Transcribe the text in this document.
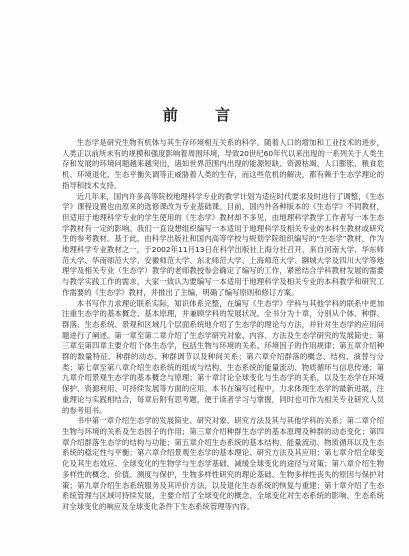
前 言

生态学是研究生物有机体与其生存环境相互关系的科学。随着人口的增加和工业技术的进步，人类正以前所未有的规模和强度影响着周围环境，导致20世纪60年代以来出现的一系列关于人类生存和发展的环境问题越来越突出，诸如世界范围内出现的能源短缺、资源枯竭、人口膨胀、粮食危机、环境退化、生态平衡失调等正威胁着人类的生存，而这些危机的解决，都有赖于生态学理论的指导和技术支持。

近几年来，国内许多高等院校地理科学专业的教学计划为适应时代要求及时进行了调整，《生态学》课程设置也由原来的选修课改为专业基础课。目前，国内外各种版本的《生态学》不同教材，但适用于地理科学专业的学生使用的《生态学》教材却不多见，由地理科学教学工作者写一本生态学教材有一定的影响。我们一直设想组织编写一本适用于地理科学及相关专业的本科生教材或研究生的参考教材。基于此，由科学出版社和国内高等学校与规划学院组织编写的“生态学”教材，作为地理科学专业教材之一，于2002年11月13日在科学出版社上海分社召开，来自河南大学、华东师范大学、华南师范大学、安徽师范大学、东北师范大学、上海师范大学、聊城大学及四川大学等地理学及相关专业（生态学）教学的老师教授参会确定了编写的工作，紧密结合学科教材发展的需要与教学实践工作的需求，大家一致认为要编写一本适用于地理科学及相关专业的本科教学和研究工作需要的《生态学》教材，并推出了主编，明确了编写原则和修订方案。

本书写作力求理论联系实际，知识体系完整，在编写《生态学》学科与其他学科的联系中更加注重生态学的基本概念、基本原理，并兼顾学科的发展状况。全书分为十章，分别从个体、种群、群落、生态系统、景观和区域几个层面系统地介绍了生态学的理论与方法，并针对生态学的应用问题进行了阐述。第一章至第二章介绍了生态学研究对象、内容、方法及生态学研究的发展简史；第三章至第四章主要介绍个体生态学，包括生物与环境的关系、环境因子的作用规律；第五章介绍种群的数量特征、种群的动态、种群调节以及种间关系；第六章介绍群落的概念、结构、演替与分类；第七章至第八章介绍生态系统的组成与结构、生态系统的能量流动、物质循环与信息传递；第九章介绍景观生态学的基本概念与原理；第十章讨论全球变化与生态学的关系，以及生态学在环境保护、资源利用、可持续发展等方面的应用。本书在编写过程中，力求体现生态学的最新进展，注重理论与实践相结合，每章后附有思考题，便于读者学习与掌握，同时也可作为相关专业研究人员的参考用书。

书中第一章介绍生态学的发展简史、研究对象、研究方法及其与其他学科的关系；第二章介绍生物与环境的关系及生态因子的作用；第三章介绍种群生态学的基本原理及种群的动态变化；第四章介绍群落生态学的结构与功能；第五章介绍生态系统的基本结构、能量流动、物质循环以及生态系统的稳定性与平衡；第六章介绍景观生态学的基本理论、研究方法及其应用；第七章介绍全球变化及其生态效应、全球变化的生物学与生态学基础、减缓全球变化的途径与对策；第八章介绍生物多样性的概念、价值、测度与保护，生物多样性研究的理论基础、生物多样性丧失的原因与保护对策；第九章介绍生态系统服务及其评价方法，以及退化生态系统的恢复与重建；第十章介绍了生态系统管理与区域可持续发展，主要介绍了全球变化的概念、全球变化对生态系统的影响、生态系统对全球变化的响应及全球变化条件下生态系统管理等内容。
